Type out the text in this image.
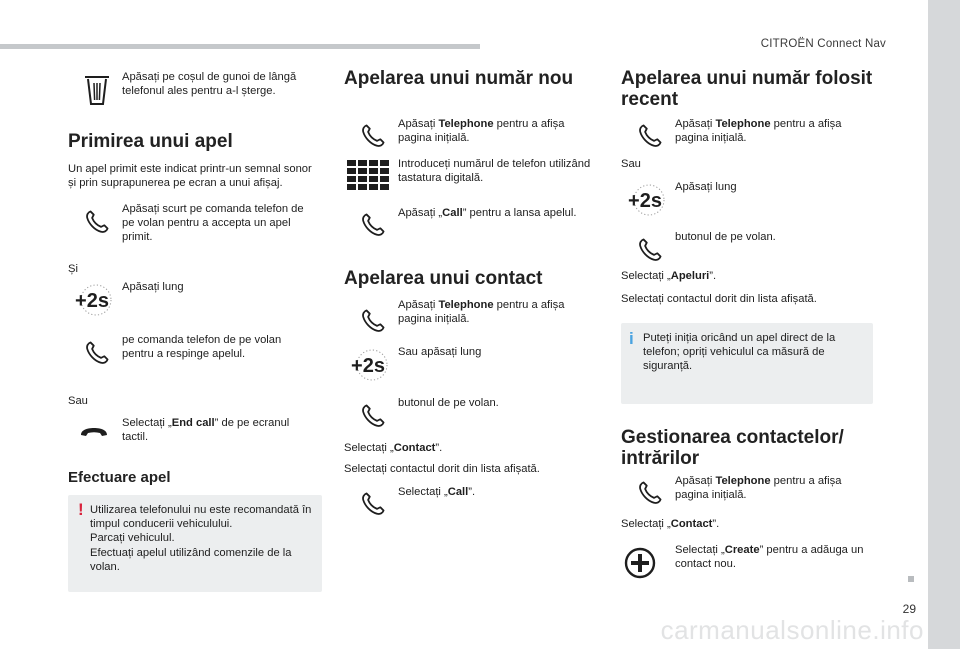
CITROËN Connect Nav
29
carmanualsonline.info
Apăsați pe coșul de gunoi de lângă telefonul ales pentru a-l șterge.
Primirea unui apel
Un apel primit este indicat printr-un semnal sonor și prin suprapunerea pe ecran a unui afișaj.
Apăsați scurt pe comanda telefon de pe volan pentru a accepta un apel primit.
Și
+2s
Apăsați lung
pe comanda telefon de pe volan pentru a respinge apelul.
Sau
Selectați „End call” de pe ecranul tactil.
Efectuare apel
! Utilizarea telefonului nu este recomandată în timpul conducerii vehiculului.
Parcați vehiculul.
Efectuați apelul utilizând comenzile de la volan.
Apelarea unui număr nou
Apăsați Telephone pentru a afișa pagina inițială.
Introduceți numărul de telefon utilizând tastatura digitală.
Apăsați „Call” pentru a lansa apelul.
Apelarea unui contact
Apăsați Telephone pentru a afișa pagina inițială.
+2s
Sau apăsați lung
butonul de pe volan.
Selectați „Contact”.
Selectați contactul dorit din lista afișată.
Selectați „Call”.
Apelarea unui număr folosit
recent
Apăsați Telephone pentru a afișa pagina inițială.
Sau
+2s
Apăsați lung
butonul de pe volan.
Selectați „Apeluri”.
Selectați contactul dorit din lista afișată.
i Puteți iniția oricând un apel direct de la telefon; opriți vehiculul ca măsură de siguranță.
Gestionarea contactelor/
intrărilor
Apăsați Telephone pentru a afișa pagina inițială.
Selectați „Contact”.
Selectați „Create” pentru a adăuga un contact nou.
